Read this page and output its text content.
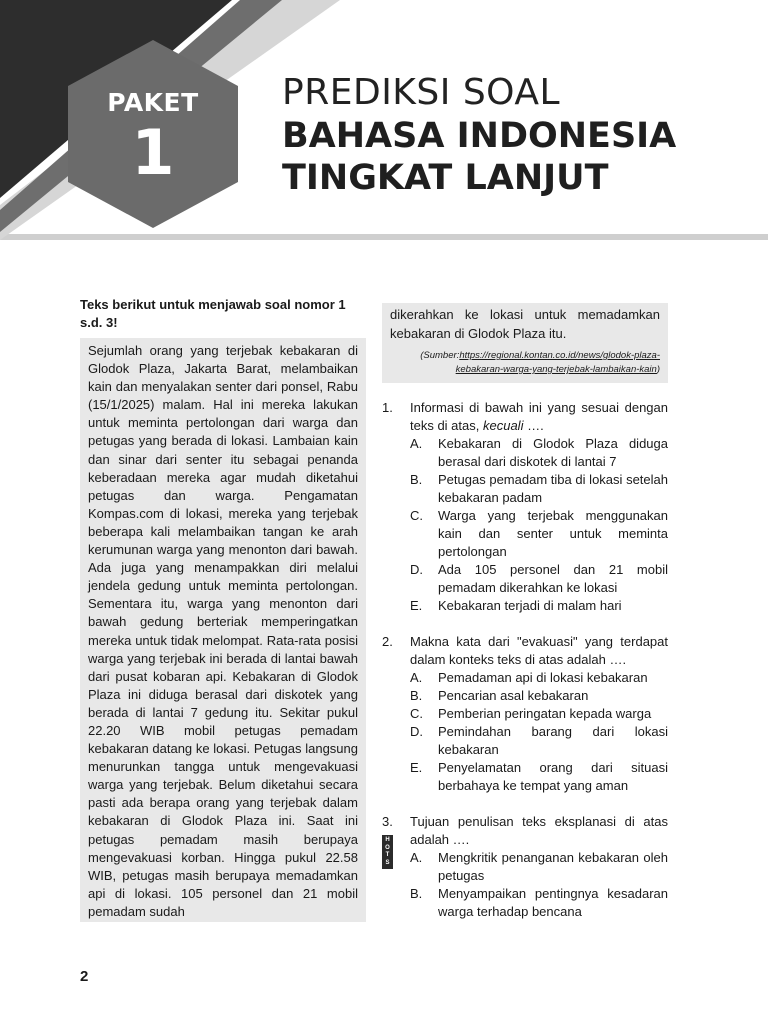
PAKET
1
PREDIKSI SOAL
BAHASA INDONESIA
TINGKAT LANJUT

Teks berikut untuk menjawab soal nomor 1 s.d. 3!

Sejumlah orang yang terjebak kebakaran di Glodok Plaza, Jakarta Barat, melambaikan kain dan menyalakan senter dari ponsel, Rabu (15/1/2025) malam. Hal ini mereka lakukan untuk meminta pertolongan dari warga dan petugas yang berada di lokasi. Lambaian kain dan sinar dari senter itu sebagai penanda keberadaan mereka agar mudah diketahui petugas dan warga. Pengamatan Kompas.com di lokasi, mereka yang terjebak beberapa kali melambaikan tangan ke arah kerumunan warga yang menonton dari bawah. Ada juga yang menampakkan diri melalui jendela gedung untuk meminta pertolongan. Sementara itu, warga yang menonton dari bawah gedung berteriak memperingatkan mereka untuk tidak melompat. Rata-rata posisi warga yang terjebak ini berada di lantai bawah dari pusat kobaran api. Kebakaran di Glodok Plaza ini diduga berasal dari diskotek yang berada di lantai 7 gedung itu. Sekitar pukul 22.20 WIB mobil petugas pemadam kebakaran datang ke lokasi. Petugas langsung menurunkan tangga untuk mengevakuasi warga yang terjebak. Belum diketahui secara pasti ada berapa orang yang terjebak dalam kebakaran di Glodok Plaza ini. Saat ini petugas pemadam masih berupaya mengevakuasi korban. Hingga pukul 22.58 WIB, petugas masih berupaya memadamkan api di lokasi. 105 personel dan 21 mobil pemadam sudah
dikerahkan ke lokasi untuk memadamkan kebakaran di Glodok Plaza itu.
(Sumber:https://regional.kontan.co.id/news/glodok-plaza-kebakaran-warga-yang-terjebak-lambaikan-kain)
1. Informasi di bawah ini yang sesuai dengan teks di atas, kecuali ….
A. Kebakaran di Glodok Plaza diduga berasal dari diskotek di lantai 7
B. Petugas pemadam tiba di lokasi setelah kebakaran padam
C. Warga yang terjebak menggunakan kain dan senter untuk meminta pertolongan
D. Ada 105 personel dan 21 mobil pemadam dikerahkan ke lokasi
E. Kebakaran terjadi di malam hari
2. Makna kata dari "evakuasi" yang terdapat dalam konteks teks di atas adalah ….
A. Pemadaman api di lokasi kebakaran
B. Pencarian asal kebakaran
C. Pemberian peringatan kepada warga
D. Pemindahan barang dari lokasi kebakaran
E. Penyelamatan orang dari situasi berbahaya ke tempat yang aman
3.
H
O
T
S
Tujuan penulisan teks eksplanasi di atas adalah ….
A. Mengkritik penanganan kebakaran oleh petugas
B. Menyampaikan pentingnya kesadaran warga terhadap bencana
2
